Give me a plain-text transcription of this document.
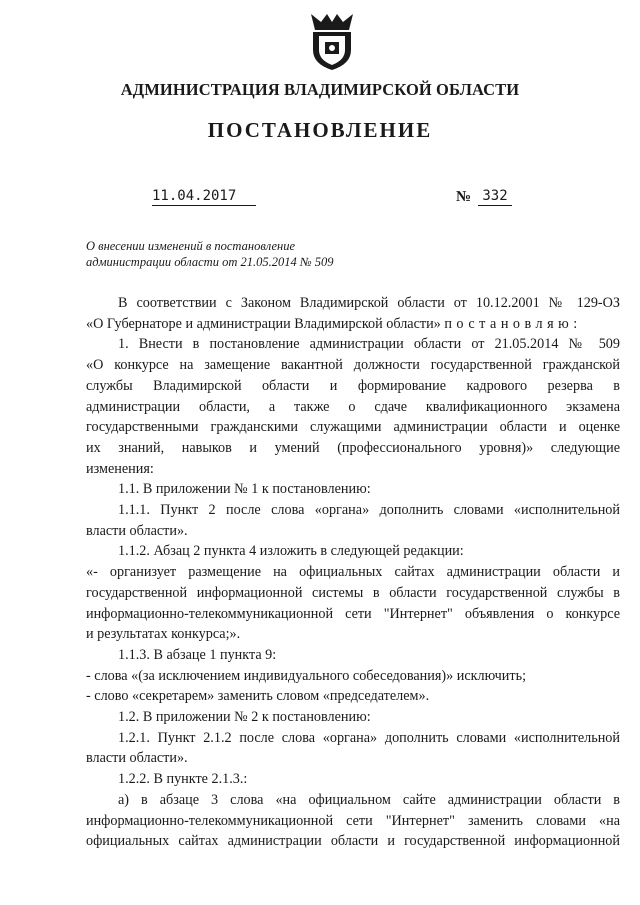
АДМИНИСТРАЦИЯ ВЛАДИМИРСКОЙ ОБЛАСТИ
ПОСТАНОВЛЕНИЕ
11.04.2017	№ 332
О внесении изменений в постановление
администрации области от 21.05.2014 № 509

В соответствии с Законом Владимирской области от 10.12.2001 № 129-ОЗ

«О Губернаторе и администрации Владимирской области» постановляю:

1. Внести в постановление администрации области от 21.05.2014 № 509

«О конкурсе на замещение вакантной должности государственной гражданской

службы Владимирской области и формирование кадрового резерва в

администрации области, а также о сдаче квалификационного экзамена

государственными гражданскими служащими администрации области и оценке

их знаний, навыков и умений (профессионального уровня)» следующие

изменения:

1.1. В приложении № 1 к постановлению:

1.1.1. Пункт 2 после слова «органа» дополнить словами «исполнительной

власти области».

1.1.2. Абзац 2 пункта 4 изложить в следующей редакции:

«- организует размещение на официальных сайтах администрации области и

государственной информационной системы в области государственной службы в

информационно-телекоммуникационной сети "Интернет" объявления о конкурсе

и результатах конкурса;».

1.1.3. В абзаце 1 пункта 9:

- слова «(за исключением индивидуального собеседования)» исключить;

- слово «секретарем» заменить словом «председателем».

1.2. В приложении № 2 к постановлению:

1.2.1. Пункт 2.1.2 после слова «органа» дополнить словами «исполнительной

власти области».

1.2.2. В пункте 2.1.3.:

а) в абзаце 3 слова «на официальном сайте администрации области в

информационно-телекоммуникационной сети "Интернет" заменить словами «на

официальных сайтах администрации области и государственной информационной
